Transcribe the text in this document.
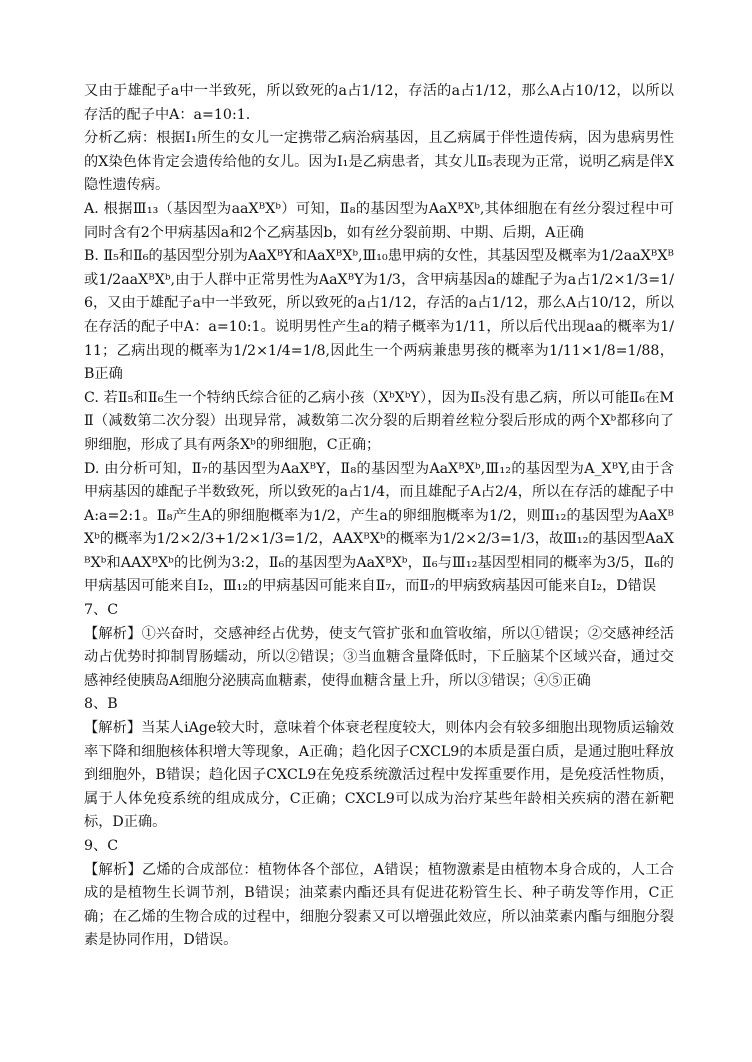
又由于雄配子a中一半致死，所以致死的a占1/12，存活的a占1/12，那么A占10/12，以所以存活的配子中A：a=10:1.

分析乙病：根据Ⅰ₁所生的女儿一定携带乙病治病基因，且乙病属于伴性遗传病，因为患病男性的X染色体肯定会遗传给他的女儿。因为Ⅰ₁是乙病患者，其女儿Ⅱ₅表现为正常，说明乙病是伴X隐性遗传病。

A. 根据Ⅲ₁₃（基因型为aaXᴮXᵇ）可知，Ⅱ₈的基因型为AaXᴮXᵇ,其体细胞在有丝分裂过程中可同时含有2个甲病基因a和2个乙病基因b，如有丝分裂前期、中期、后期，A正确

B. Ⅱ₅和Ⅱ₆的基因型分别为AaXᴮY和AaXᴮXᵇ,Ⅲ₁₀患甲病的女性，其基因型及概率为1/2aaXᴮXᴮ或1/2aaXᴮXᵇ,由于人群中正常男性为AaXᴮY为1/3，含甲病基因a的雄配子为a占1/2×1/3=1/6，又由于雄配子a中一半致死，所以致死的a占1/12，存活的a占1/12，那么A占10/12，所以在存活的配子中A：a=10:1。说明男性产生a的精子概率为1/11，所以后代出现aa的概率为1/11；乙病出现的概率为1/2×1/4=1/8,因此生一个两病兼患男孩的概率为1/11×1/8=1/88，B正确

C. 若Ⅱ₅和Ⅱ₆生一个特纳氏综合征的乙病小孩（XᵇXᵇY），因为Ⅱ₅没有患乙病，所以可能Ⅱ₆在MⅡ（减数第二次分裂）出现异常，减数第二次分裂的后期着丝粒分裂后形成的两个Xᵇ都移向了卵细胞，形成了具有两条Xᵇ的卵细胞，C正确；

D. 由分析可知，Ⅱ₇的基因型为AaXᴮY，Ⅱ₈的基因型为AaXᴮXᵇ,Ⅲ₁₂的基因型为A_XᴮY,由于含甲病基因的雄配子半数致死，所以致死的a占1/4，而且雄配子A占2/4，所以在存活的雄配子中A:a=2:1。Ⅱ₈产生A的卵细胞概率为1/2，产生a的卵细胞概率为1/2，则Ⅲ₁₂的基因型为AaXᴮXᵇ的概率为1/2×2/3+1/2×1/3=1/2，AAXᴮXᵇ的概率为1/2×2/3=1/3，故Ⅲ₁₂的基因型AaXᴮXᵇ和AAXᴮXᵇ的比例为3:2，Ⅱ₆的基因型为AaXᴮXᵇ，Ⅱ₆与Ⅲ₁₂基因型相同的概率为3/5，Ⅱ₆的甲病基因可能来自Ⅰ₂，Ⅲ₁₂的甲病基因可能来自Ⅱ₇，而Ⅱ₇的甲病致病基因可能来自Ⅰ₂，D错误

7、C

【解析】①兴奋时，交感神经占优势，使支气管扩张和血管收缩，所以①错误；②交感神经活动占优势时抑制胃肠蠕动，所以②错误；③当血糖含量降低时，下丘脑某个区域兴奋，通过交感神经使胰岛A细胞分泌胰高血糖素，使得血糖含量上升，所以③错误；④⑤正确

8、B

【解析】当某人iAge较大时，意味着个体衰老程度较大，则体内会有较多细胞出现物质运输效率下降和细胞核体积增大等现象，A正确；趋化因子CXCL9的本质是蛋白质，是通过胞吐释放到细胞外，B错误；趋化因子CXCL9在免疫系统激活过程中发挥重要作用，是免疫活性物质，属于人体免疫系统的组成成分，C正确；CXCL9可以成为治疗某些年龄相关疾病的潜在新靶标，D正确。

9、C

【解析】乙烯的合成部位：植物体各个部位，A错误；植物激素是由植物本身合成的，人工合成的是植物生长调节剂，B错误；油菜素内酯还具有促进花粉管生长、种子萌发等作用，C正确；在乙烯的生物合成的过程中，细胞分裂素又可以增强此效应，所以油菜素内酯与细胞分裂素是协同作用，D错误。
